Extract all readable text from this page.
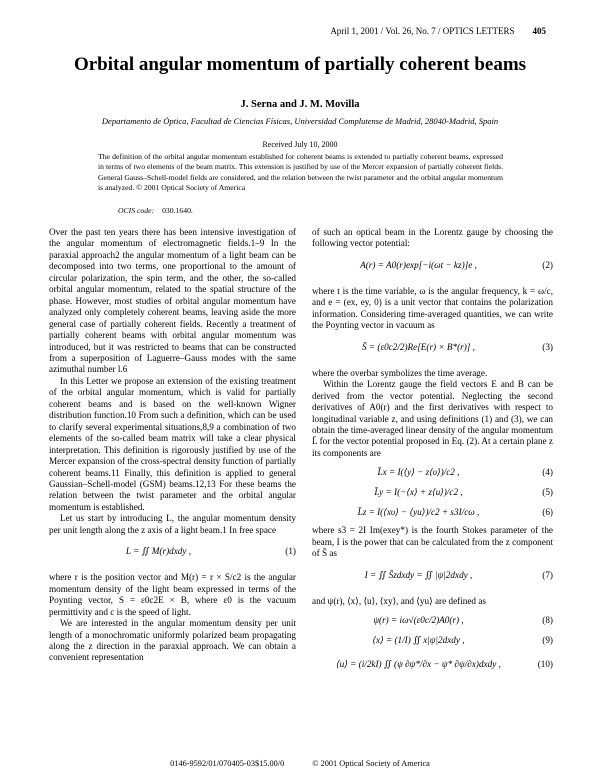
April 1, 2001 / Vol. 26, No. 7 / OPTICS LETTERS 405
Orbital angular momentum of partially coherent beams
J. Serna and J. M. Movilla
Departamento de Óptica, Facultad de Ciencias Físicas, Universidad Complutense de Madrid, 28040-Madrid, Spain
Received July 10, 2000
The definition of the orbital angular momentum established for coherent beams is extended to partially coherent beams, expressed in terms of two elements of the beam matrix. This extension is justified by use of the Mercer expansion of partially coherent fields. General Gauss–Schell-model fields are considered, and the relation between the twist parameter and the orbital angular momentum is analyzed. © 2001 Optical Society of America
OCIS code: 030.1640.

Over the past ten years there has been intensive investigation of the angular momentum of electromagnetic fields.1–9 In the paraxial approach2 the angular momentum of a light beam can be decomposed into two terms, one proportional to the amount of circular polarization, the spin term, and the other, the so-called orbital angular momentum, related to the spatial structure of the phase. However, most studies of orbital angular momentum have analyzed only completely coherent beams, leaving aside the more general case of partially coherent fields. Recently a treatment of partially coherent beams with orbital angular momentum was introduced, but it was restricted to beams that can be constructed from a superposition of Laguerre–Gauss modes with the same azimuthal number l.6

In this Letter we propose an extension of the existing treatment of the orbital angular momentum, which is valid for partially coherent beams and is based on the well-known Wigner distribution function.10 From such a definition, which can be used to clarify several experimental situations,8,9 a combination of two elements of the so-called beam matrix will take a clear physical interpretation. This definition is rigorously justified by use of the Mercer expansion of the cross-spectral density function of partially coherent beams.11 Finally, this definition is applied to general Gaussian–Schell-model (GSM) beams.12,13 For these beams the relation between the twist parameter and the orbital angular momentum is established.

Let us start by introducing L, the angular momentum density per unit length along the z axis of a light beam.1 In free space

L = ∬ M(r)dxdy ,	(1)

where r is the position vector and M(r) = r × S/c2 is the angular momentum density of the light beam expressed in terms of the Poynting vector, S = ε0c2E × B, where ε0 is the vacuum permittivity and c is the speed of light.

We are interested in the angular momentum density per unit length of a monochromatic uniformly polarized beam propagating along the z direction in the paraxial approach. We can obtain a convenient representation

of such an optical beam in the Lorentz gauge by choosing the following vector potential:

A(r) = A0(r)exp[−i(ωt − kz)]e ,	(2)

where t is the time variable, ω is the angular frequency, k = ω/c, and e = (ex, ey, 0) is a unit vector that contains the polarization information. Considering time-averaged quantities, we can write the Poynting vector in vacuum as

S̄ = (ε0c2/2)Re[E(r) × B*(r)] ,	(3)

where the overbar symbolizes the time average.

Within the Lorentz gauge the field vectors E and B can be derived from the vector potential. Neglecting the second derivatives of A0(r) and the first derivatives with respect to longitudinal variable z, and using definitions (1) and (3), we can obtain the time-averaged linear density of the angular momentum L̄ for the vector potential proposed in Eq. (2). At a certain plane z its components are

L̄x = I(⟨y⟩ − z⟨υ⟩)/c2 ,	(4)
L̄y = I(−⟨x⟩ + z⟨u⟩)/c2 ,	(5)
L̄z = I(⟨xυ⟩ − ⟨yu⟩)/c2 + s3I/cω ,	(6)

where s3 = 2I Im(exey*) is the fourth Stokes parameter of the beam, I is the power that can be calculated from the z component of S̄ as

I = ∬ S̄zdxdy = ∬ |ψ|2dxdy ,	(7)

and ψ(r), ⟨x⟩, ⟨u⟩, ⟨xy⟩, and ⟨yu⟩ are defined as

ψ(r) = iω√(ε0c/2)A0(r) ,	(8)
⟨x⟩ = (1/I) ∬ x|ψ|2dxdy ,	(9)
⟨u⟩ = (i/2kI) ∬ (ψ ∂ψ*/∂x − ψ* ∂ψ/∂x)dxdy ,	(10)
0146-9592/01/070405-03$15.00/0	© 2001 Optical Society of America
